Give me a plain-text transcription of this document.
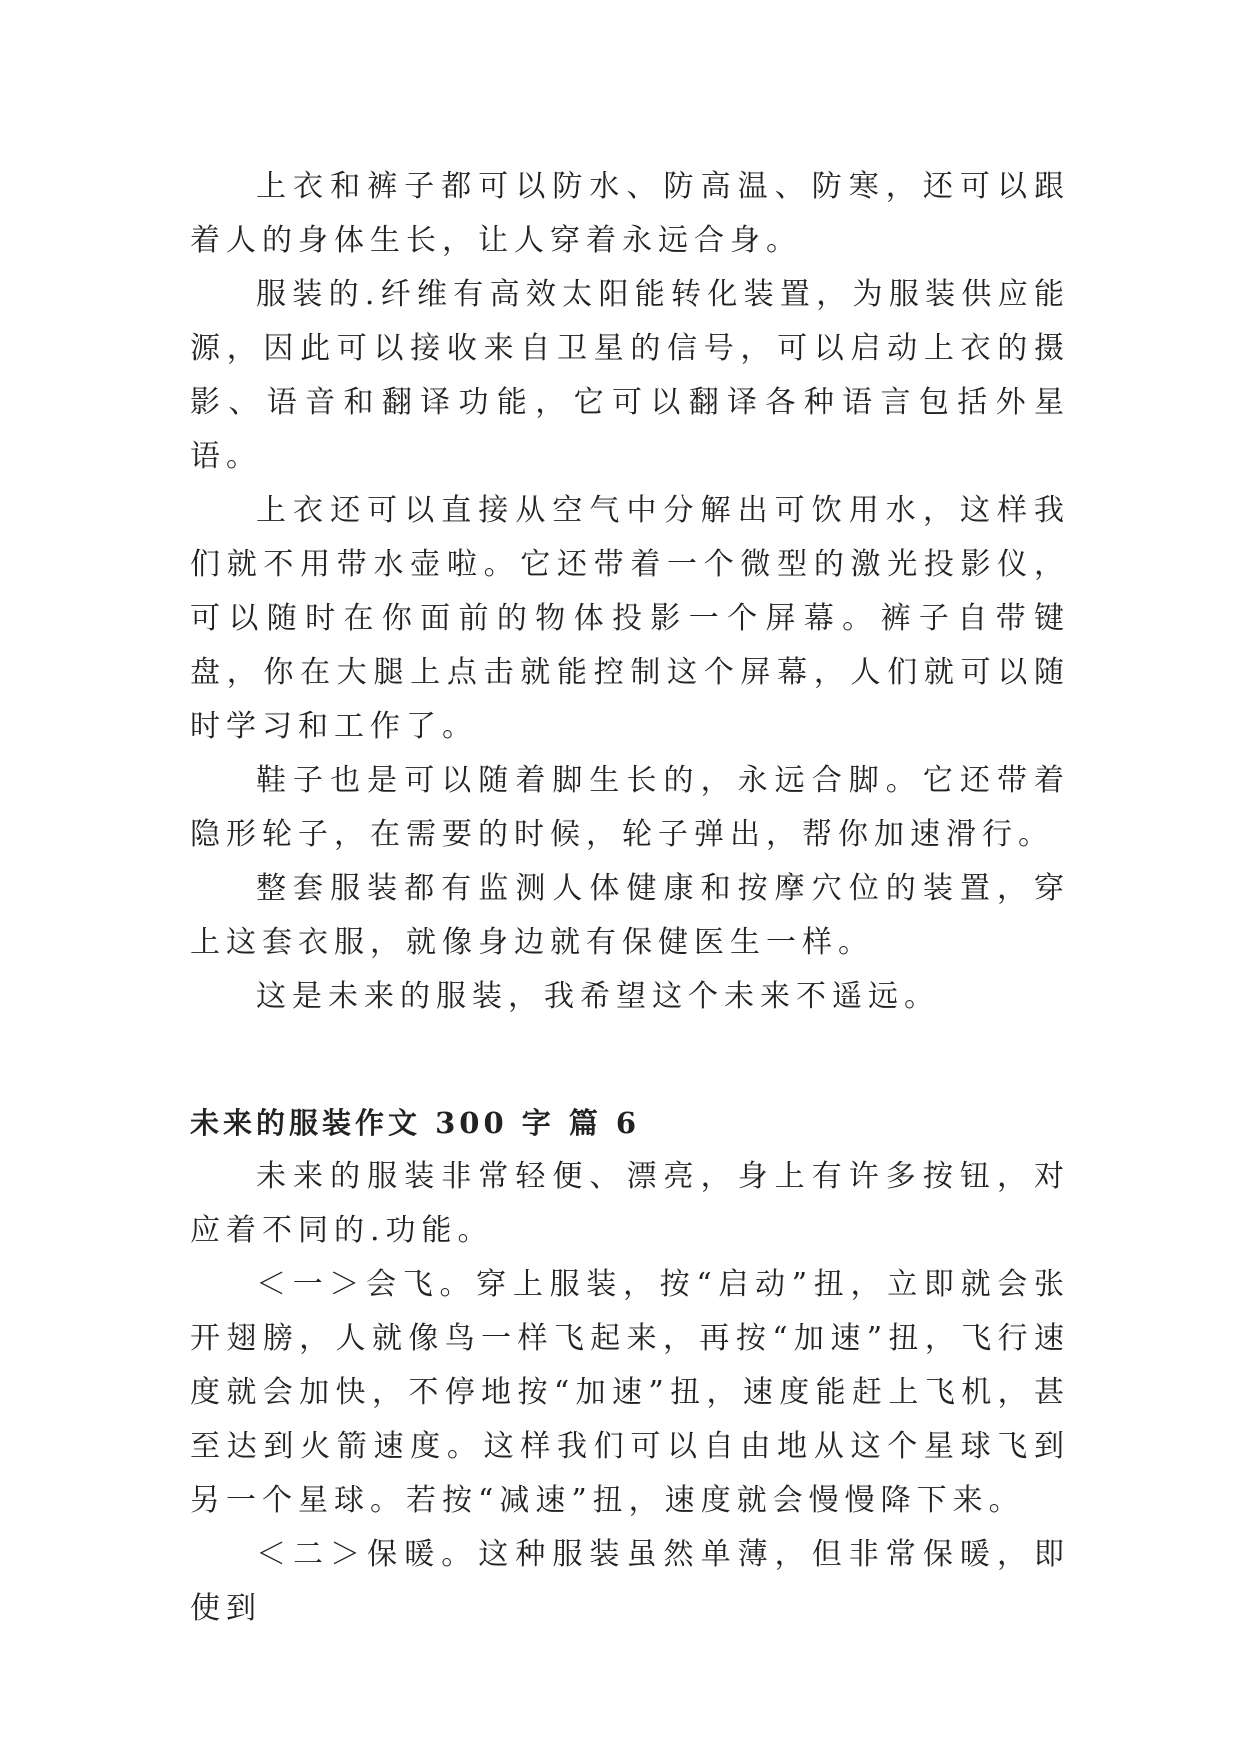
上衣和裤子都可以防水、防高温、防寒，还可以跟着人的身体生长，让人穿着永远合身。

服装的.纤维有高效太阳能转化装置，为服装供应能源，因此可以接收来自卫星的信号，可以启动上衣的摄影、语音和翻译功能，它可以翻译各种语言包括外星语。

上衣还可以直接从空气中分解出可饮用水，这样我们就不用带水壶啦。它还带着一个微型的激光投影仪，可以随时在你面前的物体投影一个屏幕。裤子自带键盘，你在大腿上点击就能控制这个屏幕，人们就可以随时学习和工作了。

鞋子也是可以随着脚生长的，永远合脚。它还带着隐形轮子，在需要的时候，轮子弹出，帮你加速滑行。

整套服装都有监测人体健康和按摩穴位的装置，穿上这套衣服，就像身边就有保健医生一样。

这是未来的服装，我希望这个未来不遥远。

未来的服装作文 300 字 篇 6

未来的服装非常轻便、漂亮，身上有许多按钮，对应着不同的.功能。

＜一＞会飞。穿上服装，按“启动”扭，立即就会张开翅膀，人就像鸟一样飞起来，再按“加速”扭，飞行速度就会加快，不停地按“加速”扭，速度能赶上飞机，甚至达到火箭速度。这样我们可以自由地从这个星球飞到另一个星球。若按“减速”扭，速度就会慢慢降下来。

＜二＞保暖。这种服装虽然单薄，但非常保暖，即使到
